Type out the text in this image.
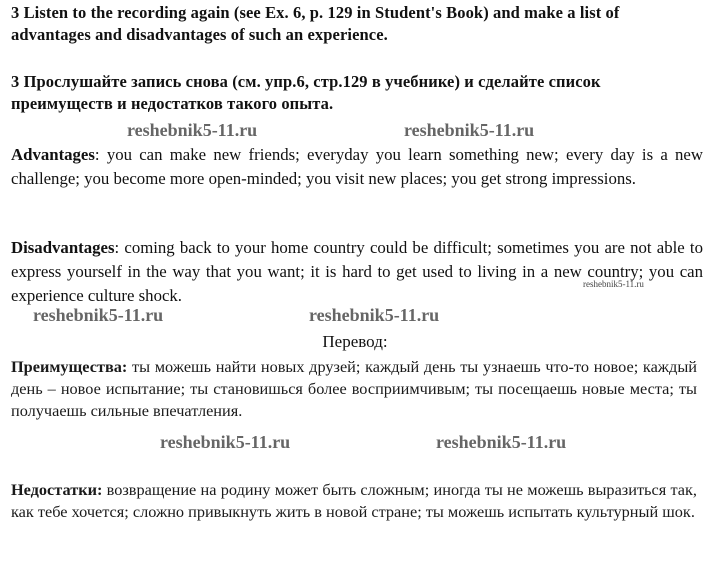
3 Listen to the recording again (see Ex. 6, p. 129 in Student's Book) and make a list of advantages and disadvantages of such an experience.
3 Прослушайте запись снова (см. упр.6, стр.129 в учебнике) и сделайте список преимуществ и недостатков такого опыта.
reshebnik5-11.ru	reshebnik5-11.ru
Advantages: you can make new friends; everyday you learn something new; every day is a new challenge; you become more open-minded; you visit new places; you get strong impressions.
Disadvantages: coming back to your home country could be difficult; sometimes you are not able to express yourself in the way that you want; it is hard to get used to living in a new country; you can experience culture shock.
reshebnik5-11.ru
reshebnik5-11.ru	reshebnik5-11.ru
Перевод:
Преимущества: ты можешь найти новых друзей; каждый день ты узнаешь что-то новое; каждый день – новое испытание; ты становишься более восприимчивым; ты посещаешь новые места; ты получаешь сильные впечатления.
reshebnik5-11.ru	reshebnik5-11.ru
Недостатки: возвращение на родину может быть сложным; иногда ты не можешь выразиться так, как тебе хочется; сложно привыкнуть жить в новой стране; ты можешь испытать культурный шок.
